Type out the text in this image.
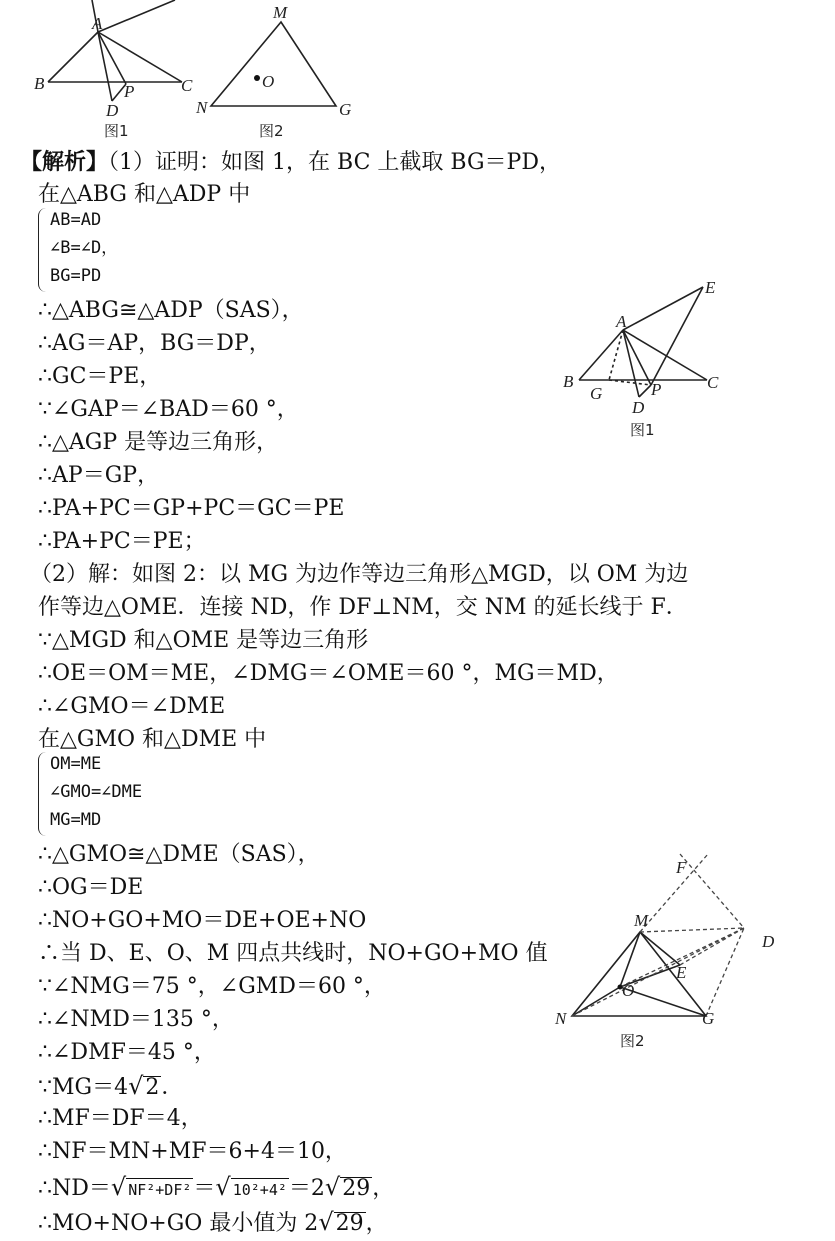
A
B	C
D
P
图1
M
N	G
O
图2
A
B	C
D
P
G
E
图1
F
M
D
E
O
N	G
图2
【解析】（1）证明：如图 1，在 BC 上截取 BG＝PD，
在△ABG 和△ADP 中
AB=AD
∠B=∠D，
BG=PD
∴△ABG≅△ADP（SAS），
∴AG＝AP，BG＝DP，
∴GC＝PE，
∵∠GAP＝∠BAD＝60 °，
∴△AGP 是等边三角形，
∴AP＝GP，
∴PA+PC＝GP+PC＝GC＝PE
∴PA+PC＝PE；
（2）解：如图 2：以 MG 为边作等边三角形△MGD，以 OM 为边
作等边△OME．连接 ND，作 DF⊥NM，交 NM 的延长线于 F．
∵△MGD 和△OME 是等边三角形
∴OE＝OM＝ME，∠DMG＝∠OME＝60 °，MG＝MD，
∴∠GMO＝∠DME
在△GMO 和△DME 中
OM=ME
∠GMO=∠DME
MG=MD
∴△GMO≅△DME（SAS），
∴OG＝DE
∴NO+GO+MO＝DE+OE+NO
∴当 D、E、O、M 四点共线时，NO+GO+MO 值
∵∠NMG＝75 °，∠GMD＝60 °，
∴∠NMD＝135 °，
∴∠DMF＝45 °，
∵MG＝4√2．
∴MF＝DF＝4，
∴NF＝MN+MF＝6+4＝10，
∴ND＝√ NF²+DF²＝√ 10²+4²＝2√29，
∴MO+NO+GO 最小值为 2√29，
